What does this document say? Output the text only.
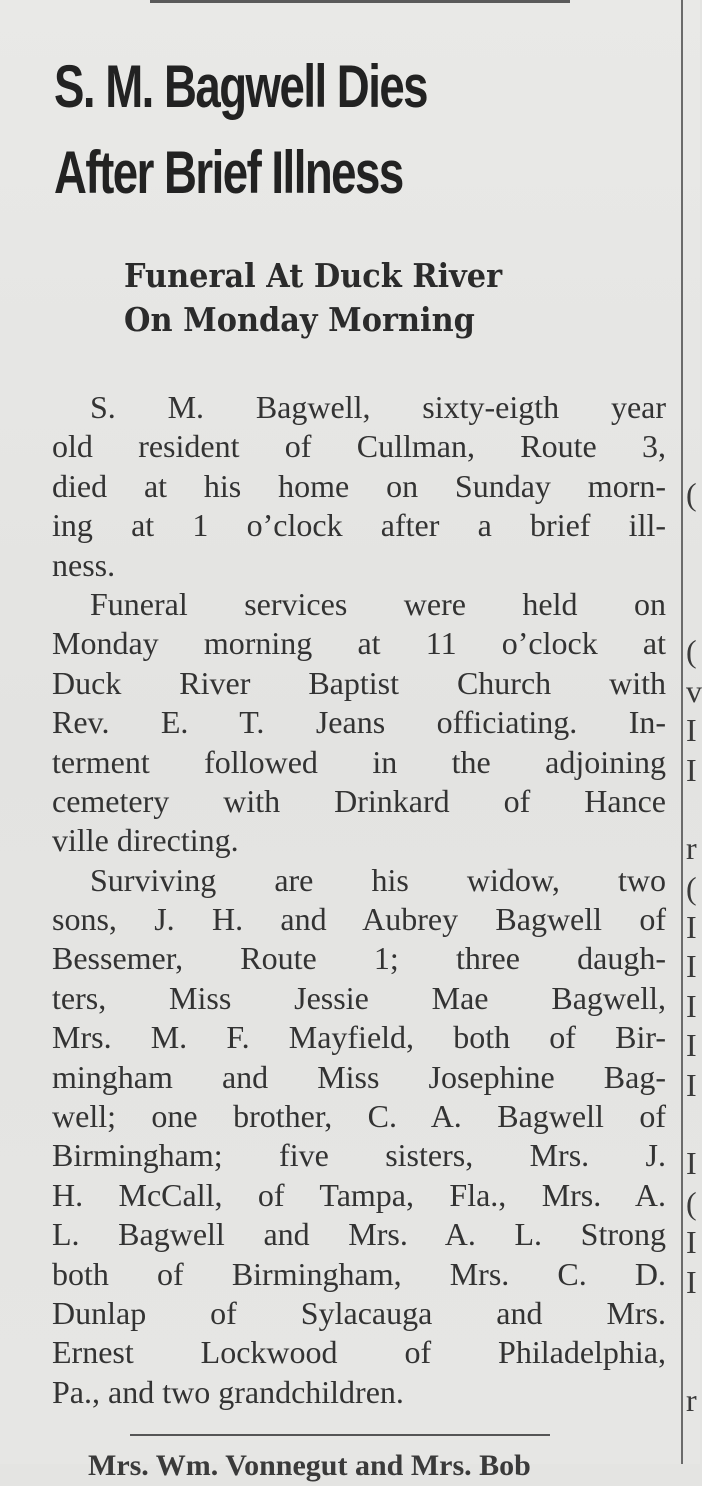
S. M. Bagwell Dies
After Brief Illness
Funeral At Duck River
On Monday Morning
S. M. Bagwell, sixty-eigth year
old resident of Cullman, Route 3,
died at his home on Sunday morn-
ing at 1 o’clock after a brief ill-
ness.
Funeral services were held on
Monday morning at 11 o’clock at
Duck River Baptist Church with
Rev. E. T. Jeans officiating. In-
terment followed in the adjoining
cemetery with Drinkard of Hance
ville directing.
Surviving are his widow, two
sons, J. H. and Aubrey Bagwell of
Bessemer, Route 1; three daugh-
ters, Miss Jessie Mae Bagwell,
Mrs. M. F. Mayfield, both of Bir-
mingham and Miss Josephine Bag-
well; one brother, C. A. Bagwell of
Birmingham; five sisters, Mrs. J.
H. McCall, of Tampa, Fla., Mrs. A.
L. Bagwell and Mrs. A. L. Strong
both of Birmingham, Mrs. C. D.
Dunlap of Sylacauga and Mrs.
Ernest Lockwood of Philadelphia,
Pa., and two grandchildren.
(
(
v
I
I
r
(
I
I
I
I
I
I
(
I
I
r
Mrs. Wm. Vonnegut and Mrs. Bob
